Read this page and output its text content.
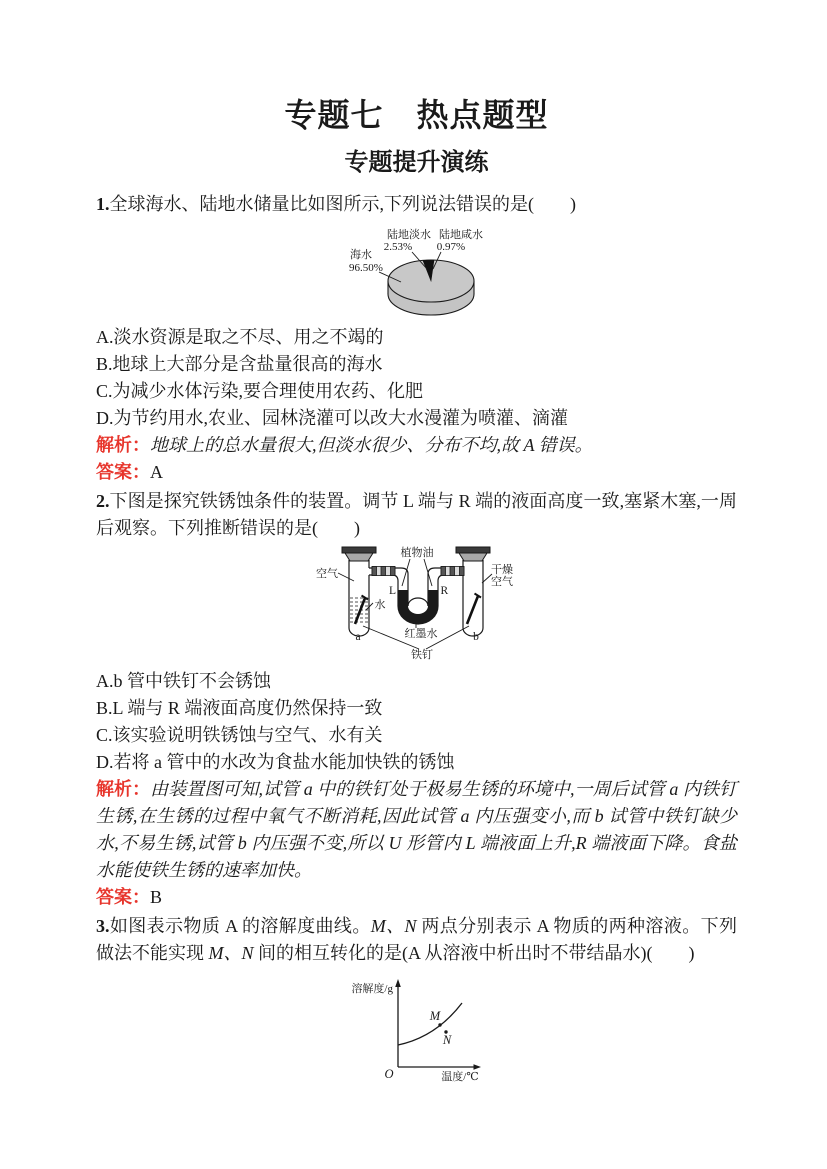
专题七　热点题型
专题提升演练

1.全球海水、陆地水储量比如图所示,下列说法错误的是(　　)

陆地淡水
2.53%
陆地咸水
0.97%
海水
96.50%
A.淡水资源是取之不尽、用之不竭的
B.地球上大部分是含盐量很高的海水
C.为减少水体污染,要合理使用农药、化肥
D.为节约用水,农业、园林浇灌可以改大水漫灌为喷灌、滴灌

解析：地球上的总水量很大,但淡水很少、分布不均,故 A 错误。

答案：A

2.下图是探究铁锈蚀条件的装置。调节 L 端与 R 端的液面高度一致,塞紧木塞,一周后观察。下列推断错误的是(　　)

空气	干燥
空气
植物油
L	R
水
红墨水
a	b
铁钉
A.b 管中铁钉不会锈蚀
B.L 端与 R 端液面高度仍然保持一致
C.该实验说明铁锈蚀与空气、水有关
D.若将 a 管中的水改为食盐水能加快铁的锈蚀

解析：由装置图可知,试管 a 中的铁钉处于极易生锈的环境中,一周后试管 a 内铁钉生锈,在生锈的过程中氧气不断消耗,因此试管 a 内压强变小,而 b 试管中铁钉缺少水,不易生锈,试管 b 内压强不变,所以 U 形管内 L 端液面上升,R 端液面下降。食盐水能使铁生锈的速率加快。

答案：B

3.如图表示物质 A 的溶解度曲线。M、N 两点分别表示 A 物质的两种溶液。下列做法不能实现 M、N 间的相互转化的是(A 从溶液中析出时不带结晶水)(　　)

溶解度/g
O	温度/℃
M
N
